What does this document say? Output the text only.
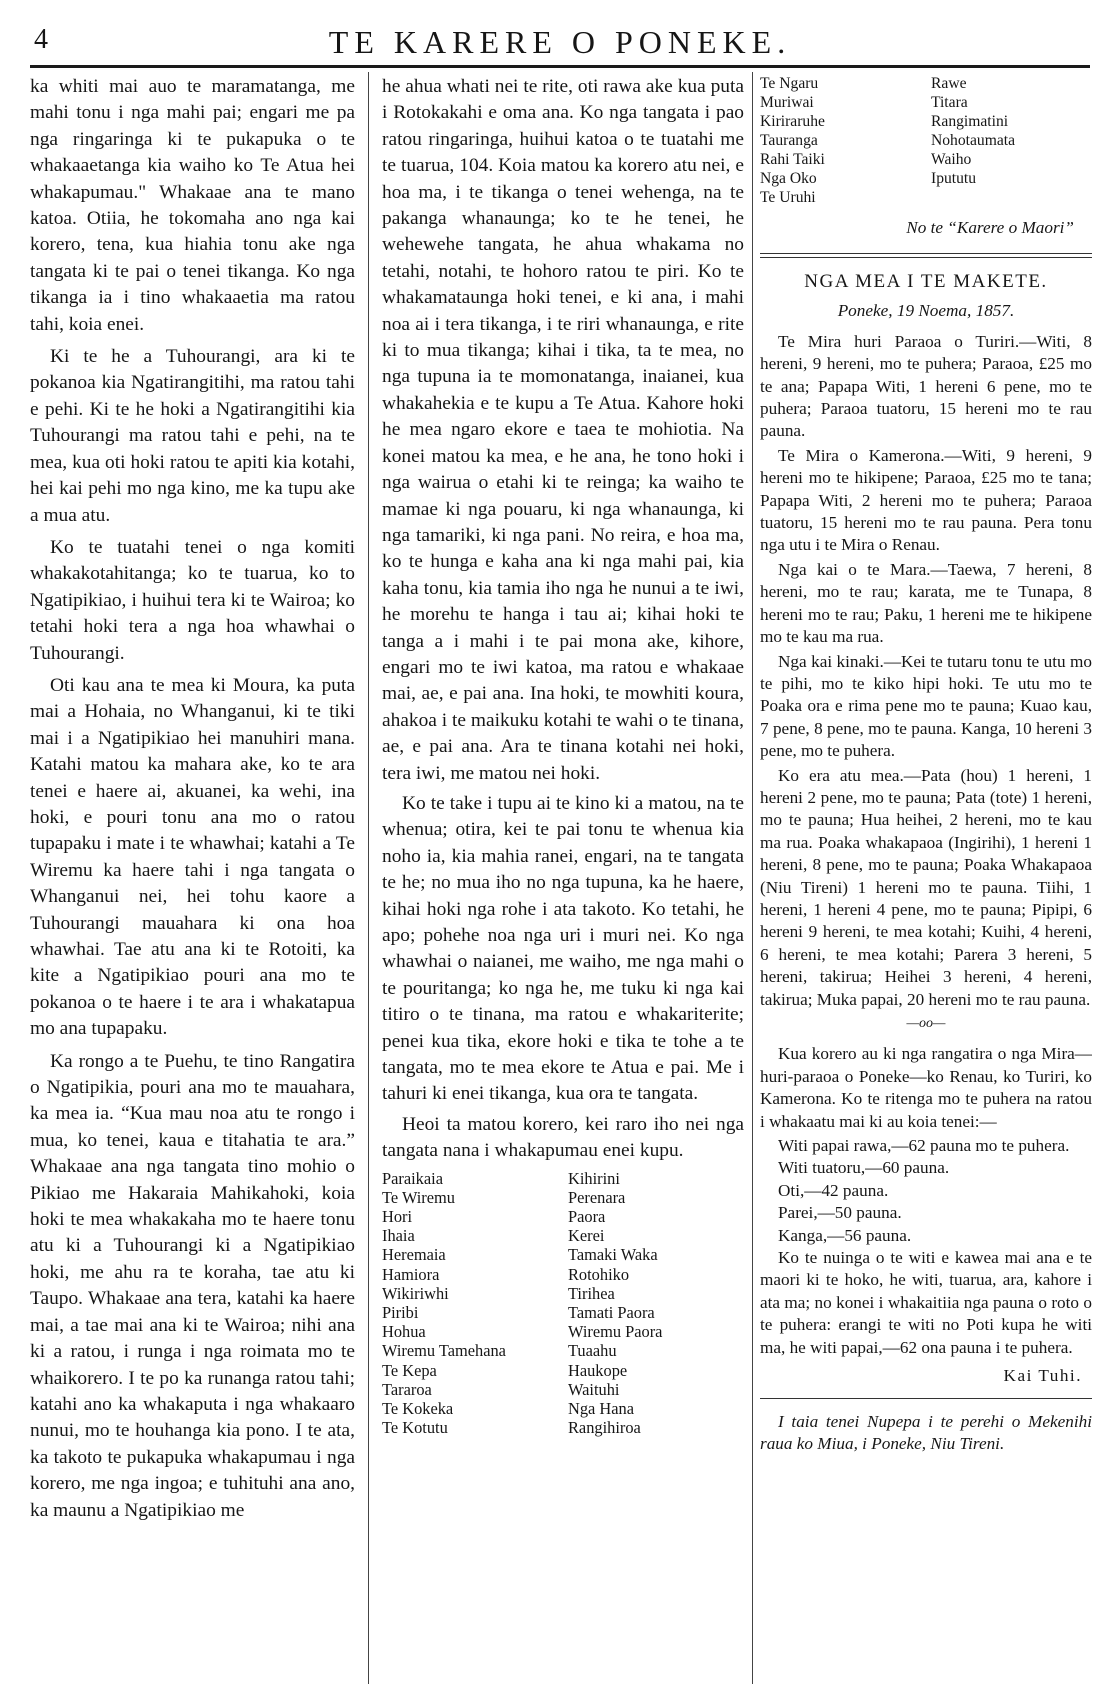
4	TE KARERE O PONEKE.

ka whiti mai auo te maramatanga, me mahi tonu i nga mahi pai; engari me pa nga ringaringa ki te pukapuka o te whakaaetanga kia waiho ko Te Atua hei whakapumau." Whakaae ana te mano katoa. Otiia, he tokomaha ano nga kai korero, tena, kua hiahia tonu ake nga tangata ki te pai o tenei tikanga. Ko nga tikanga ia i tino whakaaetia ma ratou tahi, koia enei.

Ki te he a Tuhourangi, ara ki te pokanoa kia Ngatirangitihi, ma ratou tahi e pehi. Ki te he hoki a Ngatirangitihi kia Tuhourangi ma ratou tahi e pehi, na te mea, kua oti hoki ratou te apiti kia kotahi, hei kai pehi mo nga kino, me ka tupu ake a mua atu.

Ko te tuatahi tenei o nga komiti whakakotahitanga; ko te tuarua, ko to Ngatipikiao, i huihui tera ki te Wairoa; ko tetahi hoki tera a nga hoa whawhai o Tuhourangi.

Oti kau ana te mea ki Moura, ka puta mai a Hohaia, no Whanganui, ki te tiki mai i a Ngatipikiao hei manuhiri mana. Katahi matou ka mahara ake, ko te ara tenei e haere ai, akuanei, ka wehi, ina hoki, e pouri tonu ana mo o ratou tupapaku i mate i te whawhai; katahi a Te Wiremu ka haere tahi i nga tangata o Whanganui nei, hei tohu kaore a Tuhourangi mauahara ki ona hoa whawhai. Tae atu ana ki te Rotoiti, ka kite a Ngatipikiao pouri ana mo te pokanoa o te haere i te ara i whakatapua mo ana tupapaku.

Ka rongo a te Puehu, te tino Rangatira o Ngatipikia, pouri ana mo te mauahara, ka mea ia. “Kua mau noa atu te rongo i mua, ko tenei, kaua e titahatia te ara.” Whakaae ana nga tangata tino mohio o Pikiao me Hakaraia Mahikahoki, koia hoki te mea whakakaha mo te haere tonu atu ki a Tuhourangi ki a Ngatipikiao hoki, me ahu ra te koraha, tae atu ki Taupo. Whakaae ana tera, katahi ka haere mai, a tae mai ana ki te Wairoa; nihi ana ki a ratou, i runga i nga roimata mo te whaikorero. I te po ka runanga ratou tahi; katahi ano ka whakaputa i nga whakaaro nunui, mo te houhanga kia pono. I te ata, ka takoto te pukapuka whakapumau i nga korero, me nga ingoa; e tuhituhi ana ano, ka maunu a Ngatipikiao me

he ahua whati nei te rite, oti rawa ake kua puta i Rotokakahi e oma ana. Ko nga tangata i pao ratou ringaringa, huihui katoa o te tuatahi me te tuarua, 104. Koia matou ka korero atu nei, e hoa ma, i te tikanga o tenei wehenga, na te pakanga whanaunga; ko te he tenei, he wehewehe tangata, he ahua whakama no tetahi, notahi, te hohoro ratou te piri. Ko te whakamataunga hoki tenei, e ki ana, i mahi noa ai i tera tikanga, i te riri whanaunga, e rite ki to mua tikanga; kihai i tika, ta te mea, no nga tupuna ia te momonatanga, inaianei, kua whakahekia e te kupu a Te Atua. Kahore hoki he mea ngaro ekore e taea te mohiotia. Na konei matou ka mea, e he ana, he tono hoki i nga wairua o etahi ki te reinga; ka waiho te mamae ki nga pouaru, ki nga whanaunga, ki nga tamariki, ki nga pani. No reira, e hoa ma, ko te hunga e kaha ana ki nga mahi pai, kia kaha tonu, kia tamia iho nga he nunui a te iwi, he morehu te hanga i tau ai; kihai hoki te tanga a i mahi i te pai mona ake, kihore, engari mo te iwi katoa, ma ratou e whakaae mai, ae, e pai ana. Ina hoki, te mowhiti koura, ahakoa i te maikuku kotahi te wahi o te tinana, ae, e pai ana. Ara te tinana kotahi nei hoki, tera iwi, me matou nei hoki.

Ko te take i tupu ai te kino ki a matou, na te whenua; otira, kei te pai tonu te whenua kia noho ia, kia mahia ranei, engari, na te tangata te he; no mua iho no nga tupuna, ka he haere, kihai hoki nga rohe i ata takoto. Ko tetahi, he apo; pohehe noa nga uri i muri nei. Ko nga whawhai o naianei, me waiho, me nga mahi o te pouritanga; ko nga he, me tuku ki nga kai titiro o te tinana, ma ratou e whakariterite; penei kua tika, ekore hoki e tika te tohe a te tangata, mo te mea ekore te Atua e pai. Me i tahuri ki enei tikanga, kua ora te tangata.

Heoi ta matou korero, kei raro iho nei nga tangata nana i whakapumau enei kupu.

Paraikaia
Te Wiremu
Hori
Ihaia
Heremaia
Hamiora
Wikiriwhi
Piribi
Hohua
Wiremu Tamehana
Te Kepa
Tararoa
Te Kokeka
Te Kotutu
Kihirini
Perenara
Paora
Kerei
Tamaki Waka
Rotohiko
Tirihea
Tamati Paora
Wiremu Paora
Tuaahu
Haukope
Waituhi
Nga Hana
Rangihiroa
Te Ngaru
Muriwai
Kiriraruhe
Tauranga
Rahi Taiki
Nga Oko
Te Uruhi
Rawe
Titara
Rangimatini
Nohotaumata
Waiho
Ipututu
No te “Karere o Maori”
NGA MEA I TE MAKETE.
Poneke, 19 Noema, 1857.

Te Mira huri Paraoa o Turiri.—Witi, 8 hereni, 9 hereni, mo te puhera; Paraoa, £25 mo te ana; Papapa Witi, 1 hereni 6 pene, mo te puhera; Paraoa tuatoru, 15 hereni mo te rau pauna.

Te Mira o Kamerona.—Witi, 9 hereni, 9 hereni mo te hikipene; Paraoa, £25 mo te tana; Papapa Witi, 2 hereni mo te puhera; Paraoa tuatoru, 15 hereni mo te rau pauna. Pera tonu nga utu i te Mira o Renau.

Nga kai o te Mara.—Taewa, 7 hereni, 8 hereni, mo te rau; karata, me te Tunapa, 8 hereni mo te rau; Paku, 1 hereni me te hikipene mo te kau ma rua.

Nga kai kinaki.—Kei te tutaru tonu te utu mo te pihi, mo te kiko hipi hoki. Te utu mo te Poaka ora e rima pene mo te pauna; Kuao kau, 7 pene, 8 pene, mo te pauna. Kanga, 10 hereni 3 pene, mo te puhera.

Ko era atu mea.—Pata (hou) 1 hereni, 1 hereni 2 pene, mo te pauna; Pata (tote) 1 hereni, mo te pauna; Hua heihei, 2 hereni, mo te kau ma rua. Poaka whakapaoa (Ingirihi), 1 hereni 1 hereni, 8 pene, mo te pauna; Poaka Whakapaoa (Niu Tireni) 1 hereni mo te pauna. Tiihi, 1 hereni, 1 hereni 4 pene, mo te pauna; Pipipi, 6 hereni 9 hereni, te mea kotahi; Kuihi, 4 hereni, 6 hereni, te mea kotahi; Parera 3 hereni, 5 hereni, takirua; Heihei 3 hereni, 4 hereni, takirua; Muka papai, 20 hereni mo te rau pauna.

—oo—

Kua korero au ki nga rangatira o nga Mira—huri-paraoa o Poneke—ko Renau, ko Turiri, ko Kamerona. Ko te ritenga mo te puhera na ratou i whakaatu mai ki au koia tenei:—

Witi papai rawa,—62 pauna mo te puhera.

Witi tuatoru,—60 pauna.

Oti,—42 pauna.

Parei,—50 pauna.

Kanga,—56 pauna.

Ko te nuinga o te witi e kawea mai ana e te maori ki te hoko, he witi, tuarua, ara, kahore i ata ma; no konei i whakaitiia nga pauna o roto o te puhera: erangi te witi no Poti kupa he witi ma, he witi papai,—62 ona pauna i te puhera.

Kai Tuhi.

I taia tenei Nupepa i te perehi o Mekenihi raua ko Miua, i Poneke, Niu Tireni.
